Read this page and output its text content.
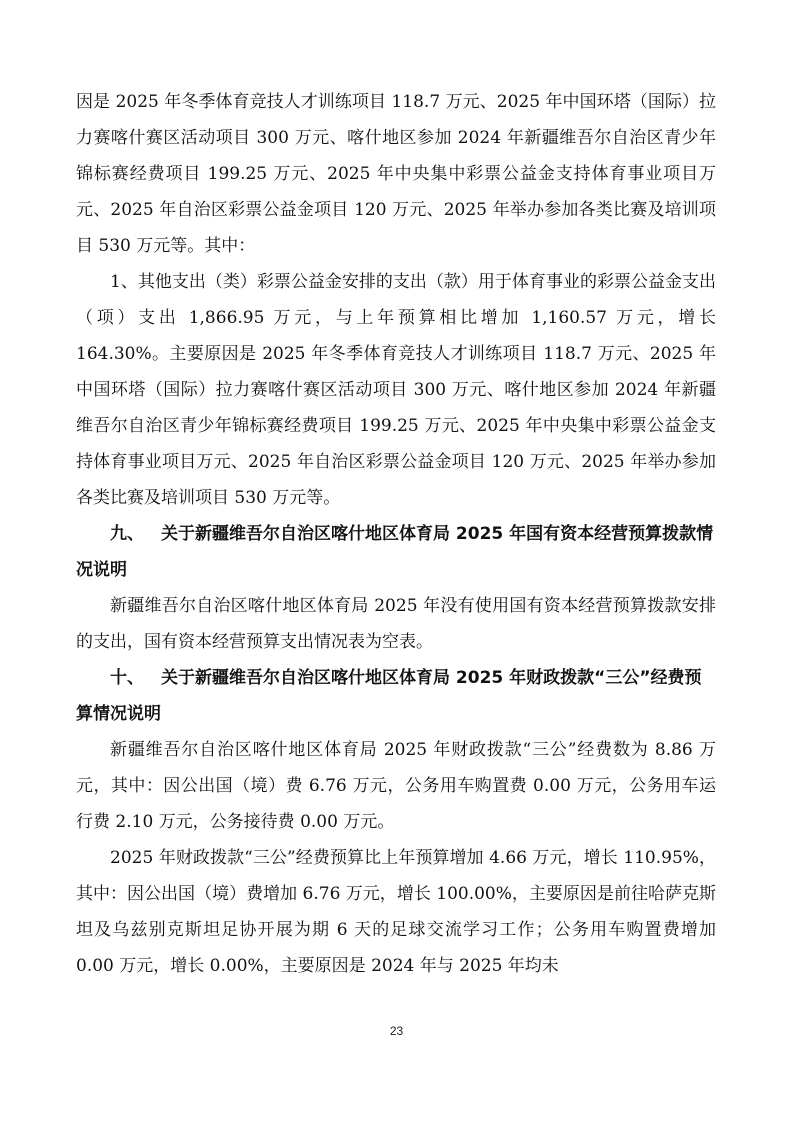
因是 2025 年冬季体育竞技人才训练项目 118.7 万元、2025 年中国环塔（国际）拉力赛喀什赛区活动项目 300 万元、喀什地区参加 2024 年新疆维吾尔自治区青少年锦标赛经费项目 199.25 万元、2025 年中央集中彩票公益金支持体育事业项目万元、2025 年自治区彩票公益金项目 120 万元、2025 年举办参加各类比赛及培训项目 530 万元等。其中：

1、其他支出（类）彩票公益金安排的支出（款）用于体育事业的彩票公益金支出（项）支出 1,866.95 万元，与上年预算相比增加 1,160.57 万元，增长 164.30%。主要原因是 2025 年冬季体育竞技人才训练项目 118.7 万元、2025 年中国环塔（国际）拉力赛喀什赛区活动项目 300 万元、喀什地区参加 2024 年新疆维吾尔自治区青少年锦标赛经费项目 199.25 万元、2025 年中央集中彩票公益金支持体育事业项目万元、2025 年自治区彩票公益金项目 120 万元、2025 年举办参加各类比赛及培训项目 530 万元等。

九、 关于新疆维吾尔自治区喀什地区体育局 2025 年国有资本经营预算拨款情况说明

新疆维吾尔自治区喀什地区体育局 2025 年没有使用国有资本经营预算拨款安排的支出，国有资本经营预算支出情况表为空表。

十、 关于新疆维吾尔自治区喀什地区体育局 2025 年财政拨款“三公”经费预算情况说明

新疆维吾尔自治区喀什地区体育局 2025 年财政拨款“三公”经费数为 8.86 万元，其中：因公出国（境）费 6.76 万元，公务用车购置费 0.00 万元，公务用车运行费 2.10 万元，公务接待费 0.00 万元。

2025 年财政拨款“三公”经费预算比上年预算增加 4.66 万元，增长 110.95%，其中：因公出国（境）费增加 6.76 万元，增长 100.00%，主要原因是前往哈萨克斯坦及乌兹别克斯坦足协开展为期 6 天的足球交流学习工作；公务用车购置费增加 0.00 万元，增长 0.00%，主要原因是 2024 年与 2025 年均未

23
